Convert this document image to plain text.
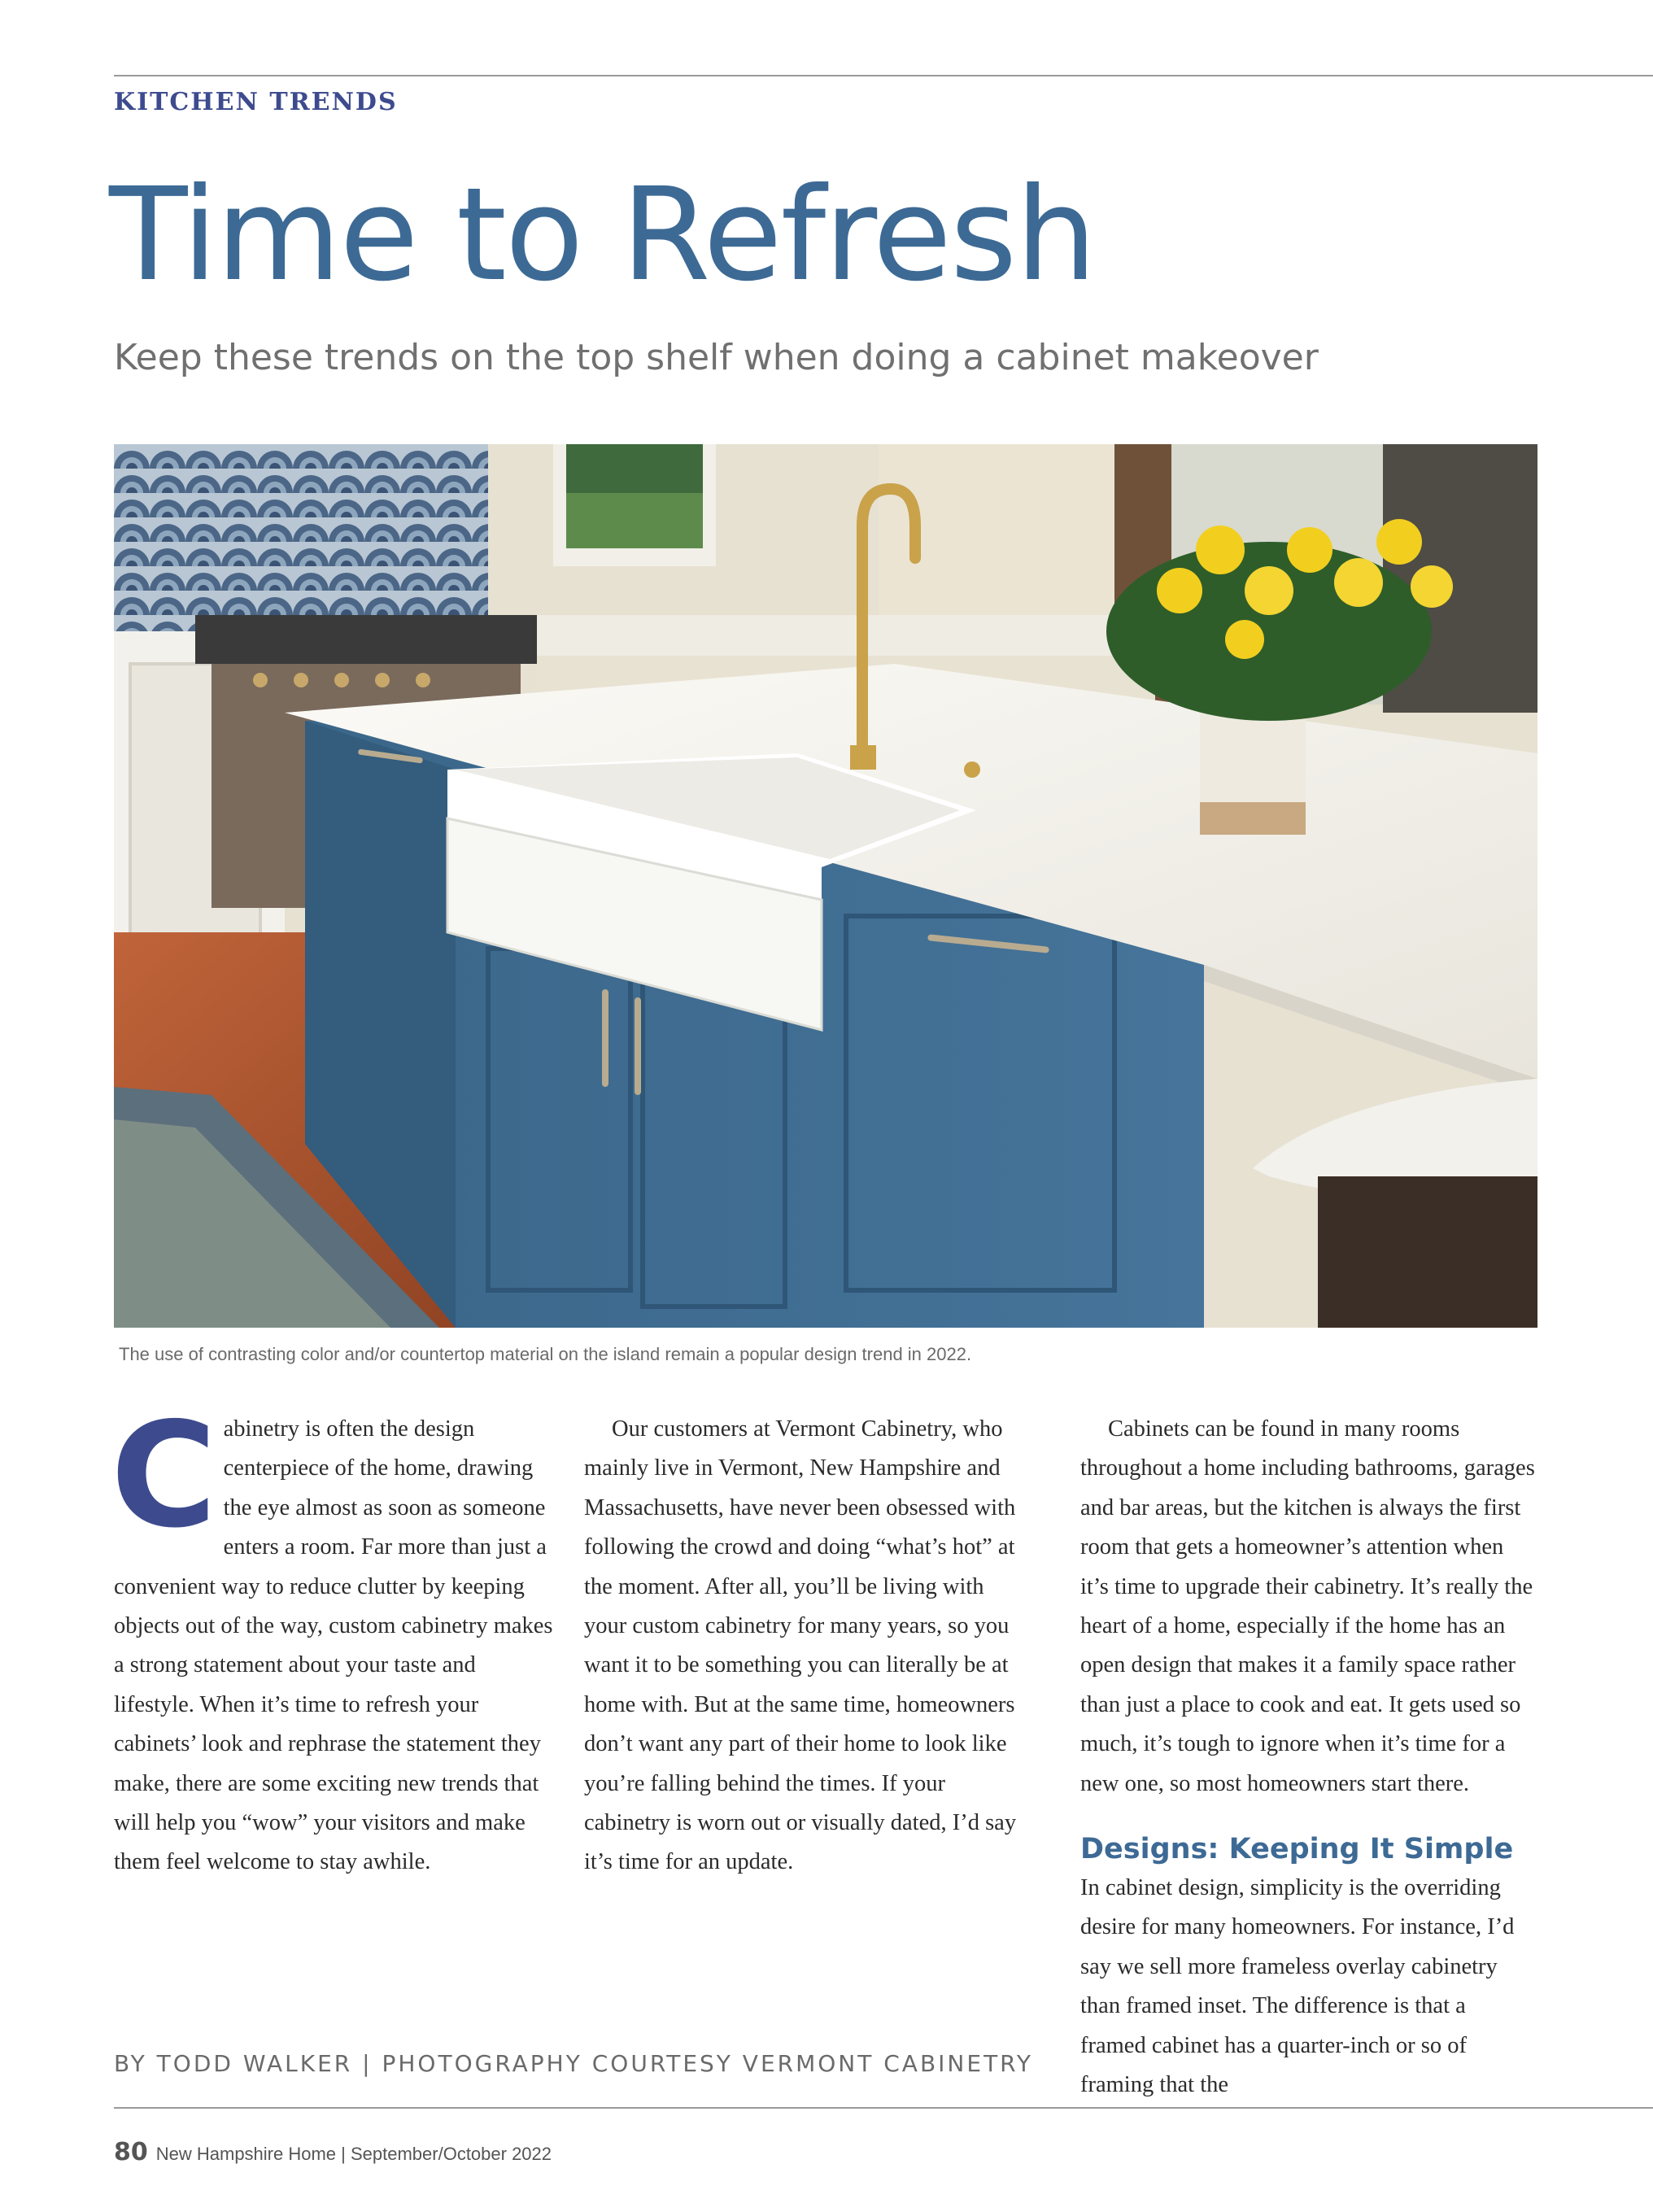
KITCHEN TRENDS

Time to Refresh

Keep these trends on the top shelf when doing a cabinet makeover

The use of contrasting color and/or countertop material on the island remain a popular design trend in 2022.

C abinetry is often the design centerpiece of the home, drawing the eye almost as soon as someone enters a room. Far more than just a convenient way to reduce clutter by keeping objects out of the way, custom cabinetry makes a strong statement about your taste and lifestyle. When it’s time to refresh your cabinets’ look and rephrase the statement they make, there are some exciting new trends that will help you “wow” your visitors and make them feel welcome to stay awhile.

Our customers at Vermont Cabinetry, who mainly live in Vermont, New Hampshire and Massachusetts, have never been obsessed with following the crowd and doing “what’s hot” at the moment. After all, you’ll be living with your custom cabinetry for many years, so you want it to be something you can literally be at home with. But at the same time, homeowners don’t want any part of their home to look like you’re falling behind the times. If your cabinetry is worn out or visually dated, I’d say it’s time for an update.

Cabinets can be found in many rooms throughout a home including bathrooms, garages and bar areas, but the kitchen is always the first room that gets a homeowner’s attention when it’s time to upgrade their cabinetry. It’s really the heart of a home, especially if the home has an open design that makes it a family space rather than just a place to cook and eat. It gets used so much, it’s tough to ignore when it’s time for a new one, so most homeowners start there.

Designs: Keeping It Simple

In cabinet design, simplicity is the overriding desire for many homeowners. For instance, I’d say we sell more frameless overlay cabinetry than framed inset. The difference is that a framed cabinet has a quarter-inch or so of framing that the

BY TODD WALKER | PHOTOGRAPHY COURTESY VERMONT CABINETRY

80 New Hampshire Home | September/October 2022
